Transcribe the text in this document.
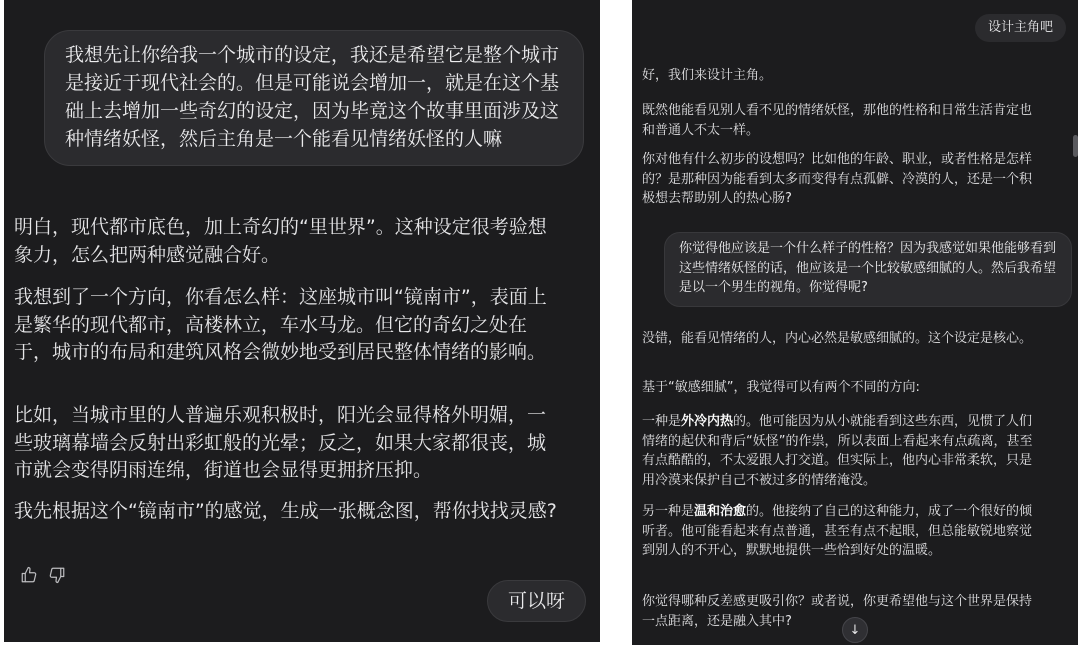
我想先让你给我一个城市的设定，我还是希望它是整个城市是接近于现代社会的。但是可能说会增加一，就是在这个基础上去增加一些奇幻的设定，因为毕竟这个故事里面涉及这种情绪妖怪，然后主角是一个能看见情绪妖怪的人嘛

明白，现代都市底色，加上奇幻的“里世界”。这种设定很考验想象力，怎么把两种感觉融合好。

我想到了一个方向，你看怎么样：这座城市叫“镜南市”，表面上是繁华的现代都市，高楼林立，车水马龙。但它的奇幻之处在于，城市的布局和建筑风格会微妙地受到居民整体情绪的影响。

比如，当城市里的人普遍乐观积极时，阳光会显得格外明媚，一些玻璃幕墙会反射出彩虹般的光晕；反之，如果大家都很丧，城市就会变得阴雨连绵，街道也会显得更拥挤压抑。

我先根据这个“镜南市”的感觉，生成一张概念图，帮你找找灵感?

可以呀
设计主角吧

好，我们来设计主角。

既然他能看见别人看不见的情绪妖怪，那他的性格和日常生活肯定也和普通人不太一样。

你对他有什么初步的设想吗？比如他的年龄、职业，或者性格是怎样的？是那种因为能看到太多而变得有点孤僻、冷漠的人，还是一个积极想去帮助别人的热心肠?

你觉得他应该是一个什么样子的性格？因为我感觉如果他能够看到这些情绪妖怪的话，他应该是一个比较敏感细腻的人。然后我希望是以一个男生的视角。你觉得呢?

没错，能看见情绪的人，内心必然是敏感细腻的。这个设定是核心。

基于“敏感细腻”，我觉得可以有两个不同的方向:

一种是外冷内热的。他可能因为从小就能看到这些东西，见惯了人们情绪的起伏和背后“妖怪”的作祟，所以表面上看起来有点疏离，甚至有点酷酷的，不太爱跟人打交道。但实际上，他内心非常柔软，只是用冷漠来保护自己不被过多的情绪淹没。

另一种是温和治愈的。他接纳了自己的这种能力，成了一个很好的倾听者。他可能看起来有点普通，甚至有点不起眼，但总能敏锐地察觉到别人的不开心，默默地提供一些恰到好处的温暖。

你觉得哪种反差感更吸引你？或者说，你更希望他与这个世界是保持一点距离，还是融入其中?

↓
